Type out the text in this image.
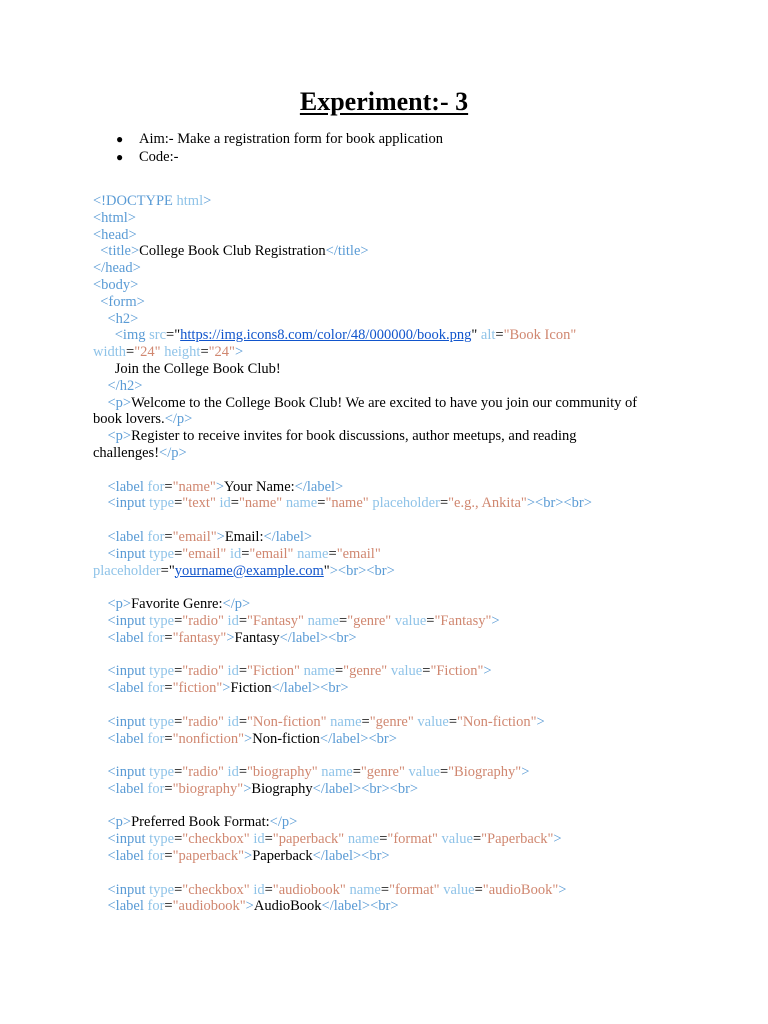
Experiment:- 3
● Aim:- Make a registration form for book application
● Code:-
<!DOCTYPE html>
<html>
<head>
<title>College Book Club Registration</title>
</head>
<body>
<form>
<h2>
<img src="https://img.icons8.com/color/48/000000/book.png" alt="Book Icon"
width="24" height="24">
Join the College Book Club!
</h2>
<p>Welcome to the College Book Club! We are excited to have you join our community of
book lovers.</p>
<p>Register to receive invites for book discussions, author meetups, and reading
challenges!</p>
<label for="name">Your Name:</label>
<input type="text" id="name" name="name" placeholder="e.g., Ankita"><br><br>
<label for="email">Email:</label>
<input type="email" id="email" name="email"
placeholder="yourname@example.com"><br><br>
<p>Favorite Genre:</p>
<input type="radio" id="Fantasy" name="genre" value="Fantasy">
<label for="fantasy">Fantasy</label><br>
<input type="radio" id="Fiction" name="genre" value="Fiction">
<label for="fiction">Fiction</label><br>
<input type="radio" id="Non-fiction" name="genre" value="Non-fiction">
<label for="nonfiction">Non-fiction</label><br>
<input type="radio" id="biography" name="genre" value="Biography">
<label for="biography">Biography</label><br><br>
<p>Preferred Book Format:</p>
<input type="checkbox" id="paperback" name="format" value="Paperback">
<label for="paperback">Paperback</label><br>
<input type="checkbox" id="audiobook" name="format" value="audioBook">
<label for="audiobook">AudioBook</label><br>
